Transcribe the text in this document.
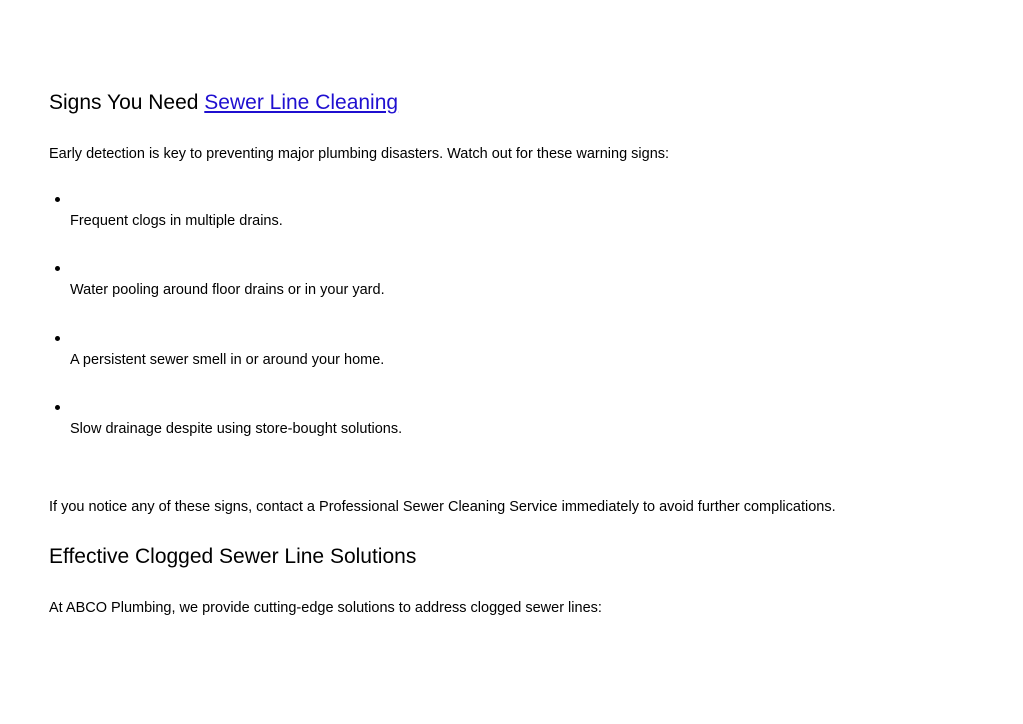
Signs You Need Sewer Line Cleaning

Early detection is key to preventing major plumbing disasters. Watch out for these warning signs:

Frequent clogs in multiple drains.
Water pooling around floor drains or in your yard.
A persistent sewer smell in or around your home.
Slow drainage despite using store-bought solutions.

If you notice any of these signs, contact a Professional Sewer Cleaning Service immediately to avoid further complications.

Effective Clogged Sewer Line Solutions

At ABCO Plumbing, we provide cutting-edge solutions to address clogged sewer lines:
